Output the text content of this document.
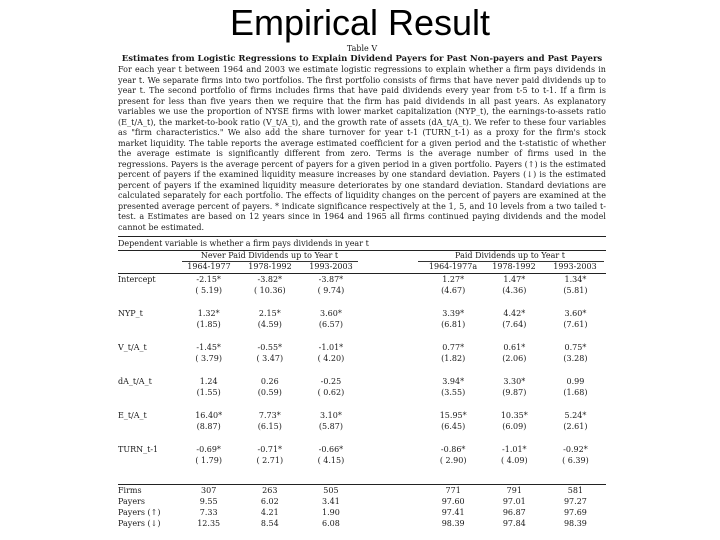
Empirical Result
Table V
Estimates from Logistic Regressions to Explain Dividend Payers for Past Non-payers and Past Payers
For each year t between 1964 and 2003 we estimate logistic regressions to explain whether a firm pays dividends in year t. We separate firms into two portfolios. The first portfolio consists of firms that have never paid dividends up to year t. The second portfolio of firms includes firms that have paid dividends every year from t-5 to t-1. If a firm is present for less than five years then we require that the firm has paid dividends in all past years. As explanatory variables we use the proportion of NYSE firms with lower market capitalization (NYP_t), the earnings-to-assets ratio (E_t/A_t), the market-to-book ratio (V_t/A_t), and the growth rate of assets (dA_t/A_t). We refer to these four variables as "firm characteristics." We also add the share turnover for year t-1 (TURN_t-1) as a proxy for the firm's stock market liquidity. The table reports the average estimated coefficient for a given period and the t-statistic of whether the average estimate is significantly different from zero. Terms is the average number of firms used in the regressions. Payers is the average percent of payers for a given period in a given portfolio. Payers (↑) is the estimated percent of payers if the examined liquidity measure increases by one standard deviation. Payers (↓) is the estimated percent of payers if the examined liquidity measure deteriorates by one standard deviation. Standard deviations are calculated separately for each portfolio. The effects of liquidity changes on the percent of payers are examined at the presented average percent of payers. * indicate significance respectively at the 1, 5, and 10 levels from a two tailed t-test. a Estimates are based on 12 years since in 1964 and 1965 all firms continued paying dividends and the model cannot be estimated.
Dependent variable is whether a firm pays dividends in year t
Never Paid Dividends up to Year t	Paid Dividends up to Year t
1964-1977	1978-1992	1993-2003	1964-1977a	1978-1992	1993-2003
Intercept	-2.15*	-3.82*	-3.87*		1.27*	1.47*	1.34*
	( 5.19)	( 10.36)	( 9.74)		(4.67)	(4.36)	(5.81)

NYP_t	1.32*	2.15*	3.60*		3.39*	4.42*	3.60*
	(1.85)	(4.59)	(6.57)		(6.81)	(7.64)	(7.61)

V_t/A_t	-1.45*	-0.55*	-1.01*		0.77*	0.61*	0.75*
	( 3.79)	( 3.47)	( 4.20)		(1.82)	(2.06)	(3.28)

dA_t/A_t	1.24	0.26	-0.25		3.94*	3.30*	0.99
	(1.55)	(0.59)	( 0.62)		(3.55)	(9.87)	(1.68)

E_t/A_t	16.40*	7.73*	3.10*		15.95*	10.35*	5.24*
	(8.87)	(6.15)	(5.87)		(6.45)	(6.09)	(2.61)

TURN_t-1	-0.69*	-0.71*	-0.66*		-0.86*	-1.01*	-0.92*
	( 1.79)	( 2.71)	( 4.15)		( 2.90)	( 4.09)	( 6.39)

Firms	307	263	505		771	791	581
Payers	9.55	6.02	3.41		97.60	97.01	97.27
Payers (↑)	7.33	4.21	1.90		97.41	96.87	97.69
Payers (↓)	12.35	8.54	6.08		98.39	97.84	98.39
